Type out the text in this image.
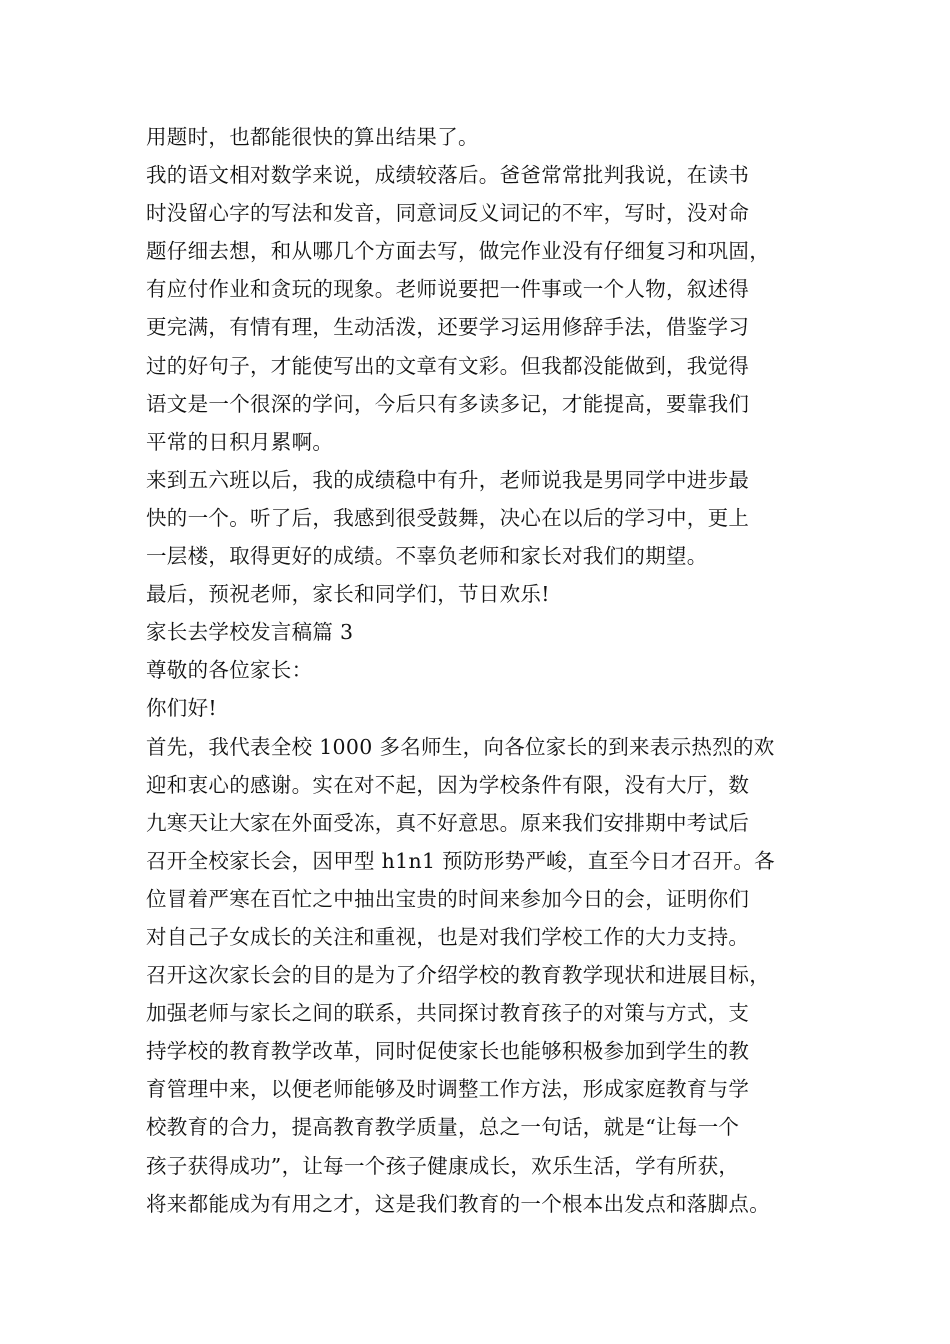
用题时，也都能很快的算出结果了。
我的语文相对数学来说，成绩较落后。爸爸常常批判我说，在读书
时没留心字的写法和发音，同意词反义词记的不牢，写时，没对命
题仔细去想，和从哪几个方面去写，做完作业没有仔细复习和巩固，
有应付作业和贪玩的现象。老师说要把一件事或一个人物，叙述得
更完满，有情有理，生动活泼，还要学习运用修辞手法，借鉴学习
过的好句子，才能使写出的文章有文彩。但我都没能做到，我觉得
语文是一个很深的学问，今后只有多读多记，才能提高，要靠我们
平常的日积月累啊。
来到五六班以后，我的成绩稳中有升，老师说我是男同学中进步最
快的一个。听了后，我感到很受鼓舞，决心在以后的学习中，更上
一层楼，取得更好的成绩。不辜负老师和家长对我们的期望。
最后，预祝老师，家长和同学们，节日欢乐!
家长去学校发言稿篇 3
尊敬的各位家长：
你们好!
首先，我代表全校 1000 多名师生，向各位家长的到来表示热烈的欢
迎和衷心的感谢。实在对不起，因为学校条件有限，没有大厅，数
九寒天让大家在外面受冻，真不好意思。原来我们安排期中考试后
召开全校家长会，因甲型 h1n1 预防形势严峻，直至今日才召开。各
位冒着严寒在百忙之中抽出宝贵的时间来参加今日的会，证明你们
对自己子女成长的关注和重视，也是对我们学校工作的大力支持。
召开这次家长会的目的是为了介绍学校的教育教学现状和进展目标，
加强老师与家长之间的联系，共同探讨教育孩子的对策与方式，支
持学校的教育教学改革，同时促使家长也能够积极参加到学生的教
育管理中来，以便老师能够及时调整工作方法，形成家庭教育与学
校教育的合力，提高教育教学质量，总之一句话，就是“让每一个
孩子获得成功”，让每一个孩子健康成长，欢乐生活，学有所获，
将来都能成为有用之才，这是我们教育的一个根本出发点和落脚点。
